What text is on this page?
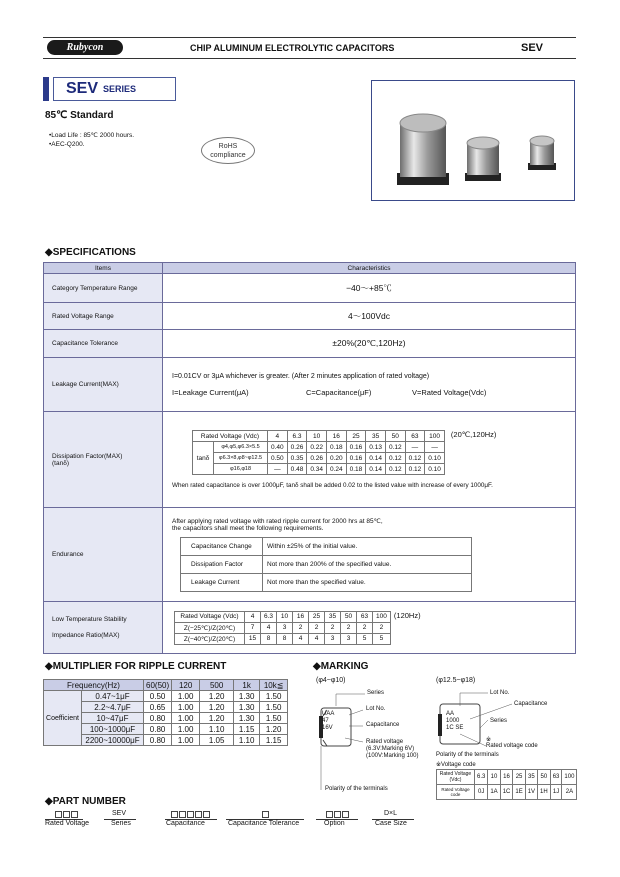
Rubycon	CHIP ALUMINUM ELECTROLYTIC CAPACITORS	SEV
SEV SERIES
85℃ Standard
•Load Life : 85℃ 2000 hours.
•AEC-Q200.	RoHS
compliance
◆SPECIFICATIONS
Items	Characteristics
Category Temperature Range	−40～+85℃
Rated Voltage Range	4～100Vdc
Capacitance Tolerance	±20%(20℃,120Hz)
Leakage Current(MAX)	
I=0.01CV or 3μA whichever is greater. (After 2 minutes application of rated voltage)
I=Leakage Current(μA)	C=Capacitance(μF)	V=Rated Voltage(Vdc)

Dissipation Factor(MAX)
(tanδ)

Rated Voltage (Vdc)	4	6.3	10	16	25	35	50	63	100
tanδ	φ4,φ5,φ6.3×5.5	0.40	0.26	0.22	0.18	0.16	0.13	0.12	—	—
φ6.3×8,φ8~φ12.5	0.50	0.35	0.26	0.20	0.16	0.14	0.12	0.12	0.10
φ16,φ18	—	0.48	0.34	0.24	0.18	0.14	0.12	0.12	0.10
(20℃,120Hz)
When rated capacitance is over 1000μF, tanδ shall be added 0.02 to the listed value with increase of every 1000μF.

Endurance	
After applying rated voltage with rated ripple current for 2000 hrs at 85℃,
the capacitors shall meet the following requirements.
Capacitance Change	Within ±25% of the initial value.
Dissipation Factor	Not more than 200% of the specified value.
Leakage Current	Not more than the specified value.

Low Temperature Stability
Impedance Ratio(MAX)

Rated Voltage (Vdc)	4	6.3	10	16	25	35	50	63	100
Z(−25℃)/Z(20℃)	7	4	3	2	2	2	2	2	2
Z(−40℃)/Z(20℃)	15	8	8	4	4	3	3	5	5
(120Hz)
◆MULTIPLIER FOR RIPPLE CURRENT
Frequency(Hz)		60(50)	120	500	1k	10k≦
Coefficient	0.47~1μF	0.50	1.00	1.20	1.30	1.50
	2.2~4.7μF	0.65	1.00	1.20	1.30	1.50
	10~47μF	0.80	1.00	1.20	1.30	1.50
	100~1000μF	0.80	1.00	1.10	1.15	1.20
	2200~10000μF	0.80	1.00	1.05	1.10	1.15
◆MARKING
(φ4~φ10)	(φ12.5~φ18)
UAA
47
16V
Series
Lot No.
Capacitance
Rated voltage
(6.3V:Marking 6V)
(100V:Marking 100)
Polarity of the terminals
AA
1000
1C SE
Lot No.
Capacitance
Series
※
Rated voltage code
Polarity of the terminals
※Voltage code
Rated Voltage (Vdc)	6.3	10	16	25	35	50	63	100
Rated Voltage code	0J	1A	1C	1E	1V	1H	1J	2A
◆PART NUMBER
SEV	D×L
Rated Voltage	Series	Capacitance	Capacitance Tolerance	Option	Case Size
